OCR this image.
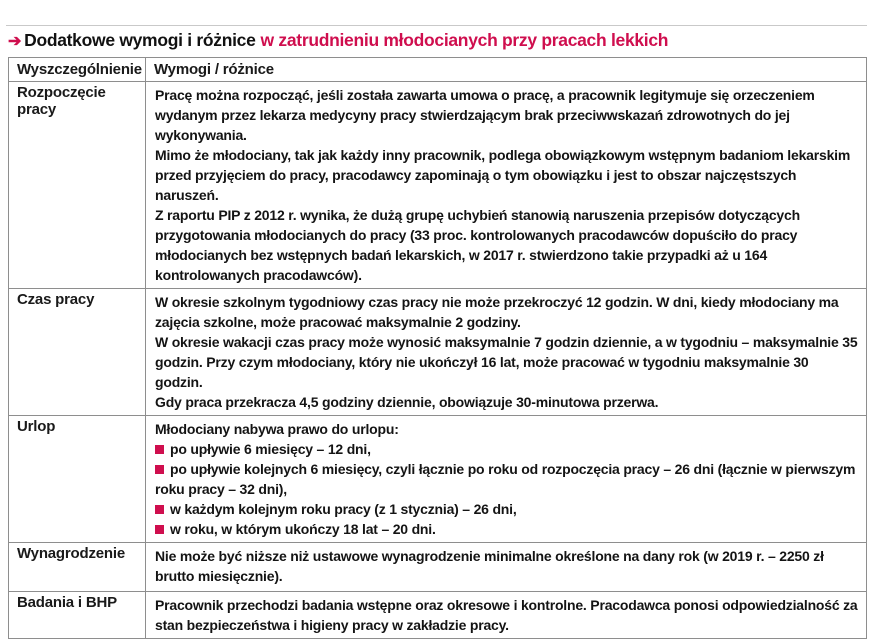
➔ Dodatkowe wymogi i różnice w zatrudnieniu młodocianych przy pracach lekkich
Wyszczególnienie	Wymogi / różnice
Rozpoczęcie pracy	Pracę można rozpocząć, jeśli została zawarta umowa o pracę, a pracownik legitymuje się orzeczeniem wydanym przez lekarza medycyny pracy stwierdzającym brak przeciwwskazań zdrowotnych do jej wykonywania.

Mimo że młodociany, tak jak każdy inny pracownik, podlega obowiązkowym wstępnym badaniom lekarskim przed przyjęciem do pracy, pracodawcy zapominają o tym obowiązku i jest to obszar najczęstszych naruszeń.

Z raportu PIP z 2012 r. wynika, że dużą grupę uchybień stanowią naruszenia przepisów dotyczących przygotowania młodocianych do pracy (33 proc. kontrolowanych pracodawców dopuściło do pracy młodocianych bez wstępnych badań lekarskich, w 2017 r. stwierdzono takie przypadki aż u 164 kontrolowanych pracodawców).

Czas pracy	W okresie szkolnym tygodniowy czas pracy nie może przekroczyć 12 godzin. W dni, kiedy młodociany ma zajęcia szkolne, może pracować maksymalnie 2 godziny.

W okresie wakacji czas pracy może wynosić maksymalnie 7 godzin dziennie, a w tygodniu – maksymalnie 35 godzin. Przy czym młodociany, który nie ukończył 16 lat, może pracować w tygodniu maksymalnie 30 godzin.

Gdy praca przekracza 4,5 godziny dziennie, obowiązuje 30-minutowa przerwa.

Urlop	Młodociany nabywa prawo do urlopu:

po upływie 6 miesięcy – 12 dni,

po upływie kolejnych 6 miesięcy, czyli łącznie po roku od rozpoczęcia pracy – 26 dni (łącznie w pierwszym roku pracy – 32 dni),

w każdym kolejnym roku pracy (z 1 stycznia) – 26 dni,

w roku, w którym ukończy 18 lat – 20 dni.

Wynagrodzenie	Nie może być niższe niż ustawowe wynagrodzenie minimalne określone na dany rok (w 2019 r. – 2250 zł brutto miesięcznie).

Badania i BHP	Pracownik przechodzi badania wstępne oraz okresowe i kontrolne. Pracodawca ponosi odpowiedzialność za stan bezpieczeństwa i higieny pracy w zakładzie pracy.
